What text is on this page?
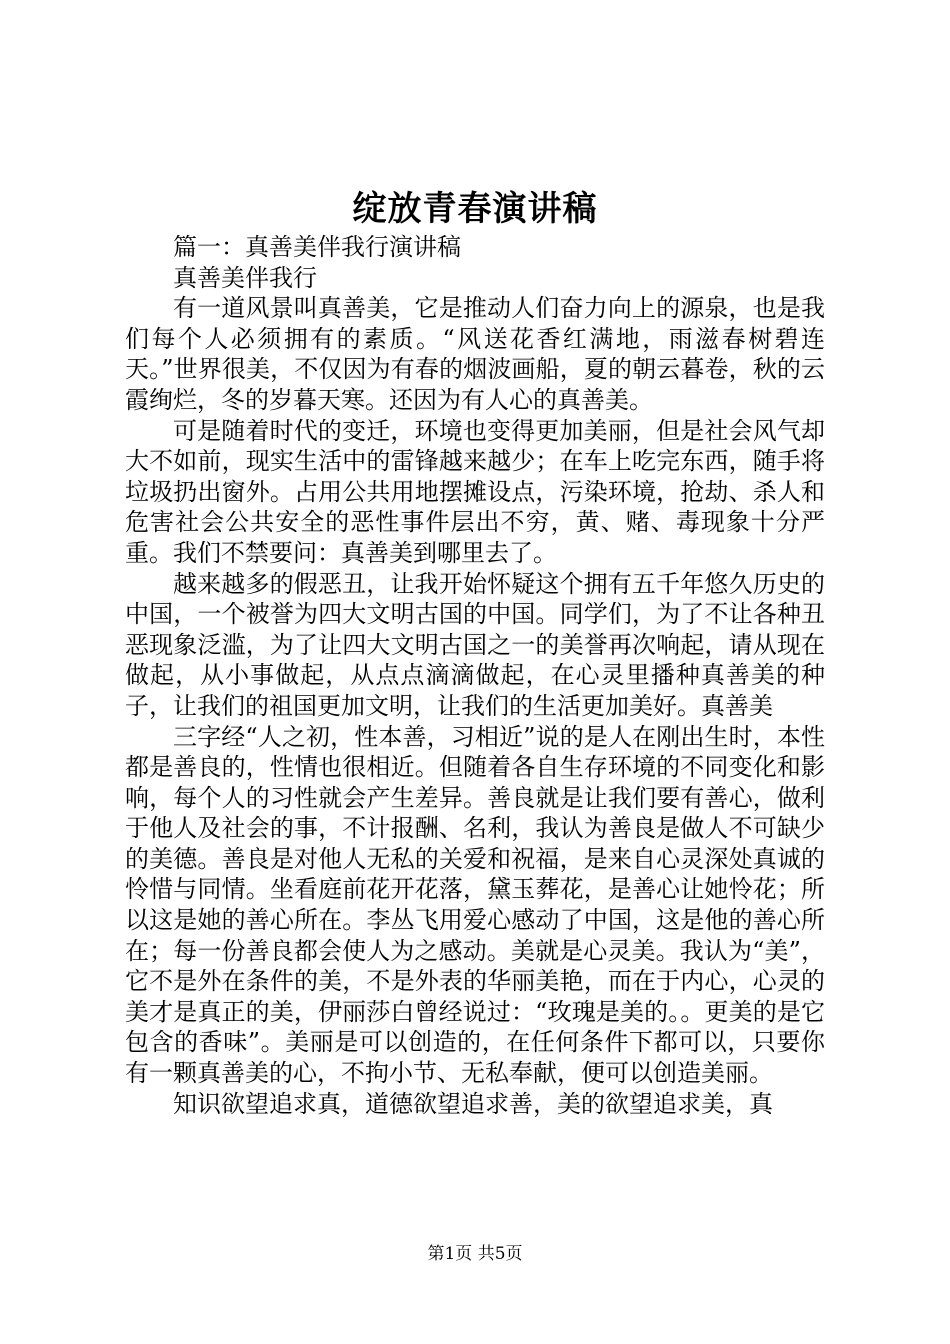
绽放青春演讲稿

篇一：真善美伴我行演讲稿

真善美伴我行

有一道风景叫真善美，它是推动人们奋力向上的源泉，也是我们每个人必须拥有的素质。“风送花香红满地，雨滋春树碧连天。”世界很美，不仅因为有春的烟波画船，夏的朝云暮卷，秋的云霞绚烂，冬的岁暮天寒。还因为有人心的真善美。

可是随着时代的变迁，环境也变得更加美丽，但是社会风气却大不如前，现实生活中的雷锋越来越少；在车上吃完东西，随手将垃圾扔出窗外。占用公共用地摆摊设点，污染环境，抢劫、杀人和危害社会公共安全的恶性事件层出不穷，黄、赌、毒现象十分严重。我们不禁要问：真善美到哪里去了。

越来越多的假恶丑，让我开始怀疑这个拥有五千年悠久历史的中国，一个被誉为四大文明古国的中国。同学们，为了不让各种丑恶现象泛滥，为了让四大文明古国之一的美誉再次响起，请从现在做起，从小事做起，从点点滴滴做起，在心灵里播种真善美的种子，让我们的祖国更加文明，让我们的生活更加美好。真善美

三字经“人之初，性本善，习相近”说的是人在刚出生时，本性都是善良的，性情也很相近。但随着各自生存环境的不同变化和影响，每个人的习性就会产生差异。善良就是让我们要有善心，做利于他人及社会的事，不计报酬、名利，我认为善良是做人不可缺少的美德。善良是对他人无私的关爱和祝福，是来自心灵深处真诚的怜惜与同情。坐看庭前花开花落，黛玉葬花，是善心让她怜花；所以这是她的善心所在。李丛飞用爱心感动了中国，这是他的善心所在；每一份善良都会使人为之感动。美就是心灵美。我认为“美”，它不是外在条件的美，不是外表的华丽美艳，而在于内心，心灵的美才是真正的美，伊丽莎白曾经说过：“玫瑰是美的。。更美的是它包含的香味”。美丽是可以创造的，在任何条件下都可以，只要你有一颗真善美的心，不拘小节、无私奉献，便可以创造美丽。

知识欲望追求真，道德欲望追求善，美的欲望追求美，真

第1页 共5页
